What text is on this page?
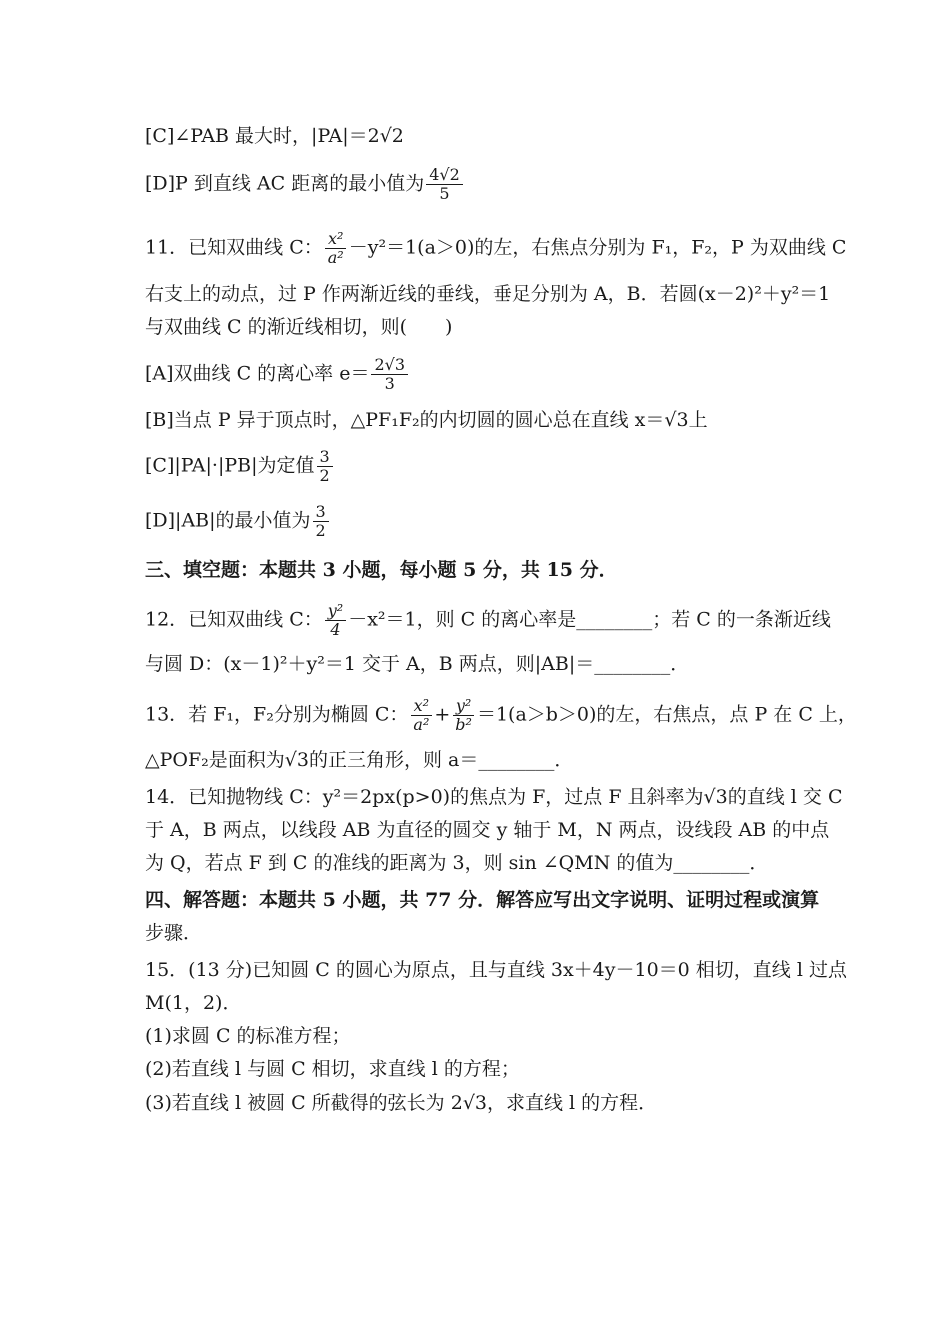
[C]∠PAB 最大时，|PA|＝2√2
[D]P 到直线 AC 距离的最小值为 $\frac{4√2}{5}$
11．已知双曲线 C： $\frac{\text{x²}}{\text{a²}} -y^2=1(a>0)$的左，右焦点分别为 F₁，F₂，P 为双曲线 C
右支上的动点，过 P 作两渐近线的垂线，垂足分别为 A，B．若圆(x－2)²＋y²＝1
与双曲线 C 的渐近线相切，则(　　)
[A]双曲线 C 的离心率 $e= \frac{2√3}{3}$
[B]当点 P 异于顶点时，△PF₁F₂的内切圆的圆心总在直线 x＝√3上
[C]|PA|·|PB|为定值 $\frac{3}{2}$
[D]|AB|的最小值为 $\frac{3}{2}$
三、填空题：本题共 3 小题，每小题 5 分，共 15 分．
12．已知双曲线 C： $\frac{\text{y²}}{4} -x^2=1$，则 C 的离心率是________；若 C 的一条渐近线
与圆 D：(x－1)²＋y²＝1 交于 A，B 两点，则|AB|＝________．
13．若 F₁，F₂分别为椭圆 C： $\frac{\text{x²}}{\text{a²}} + \frac{\text{y²}}{\text{b²}} =1(a>b>0)$的左，右焦点，点 P 在 C 上，
△POF₂是面积为√3的正三角形，则 a＝________．
14．已知抛物线 C：y²＝2px(p>0)的焦点为 F，过点 F 且斜率为√3的直线 l 交 C
于 A，B 两点，以线段 AB 为直径的圆交 y 轴于 M，N 两点，设线段 AB 的中点
为 Q，若点 F 到 C 的准线的距离为 3，则 sin ∠QMN 的值为________．
四、解答题：本题共 5 小题，共 77 分．解答应写出文字说明、证明过程或演算
步骤．
15．(13 分)已知圆 C 的圆心为原点，且与直线 3x＋4y－10＝0 相切，直线 l 过点
M(1，2)．
(1)求圆 C 的标准方程；
(2)若直线 l 与圆 C 相切，求直线 l 的方程；
(3)若直线 l 被圆 C 所截得的弦长为 2√3，求直线 l 的方程．
